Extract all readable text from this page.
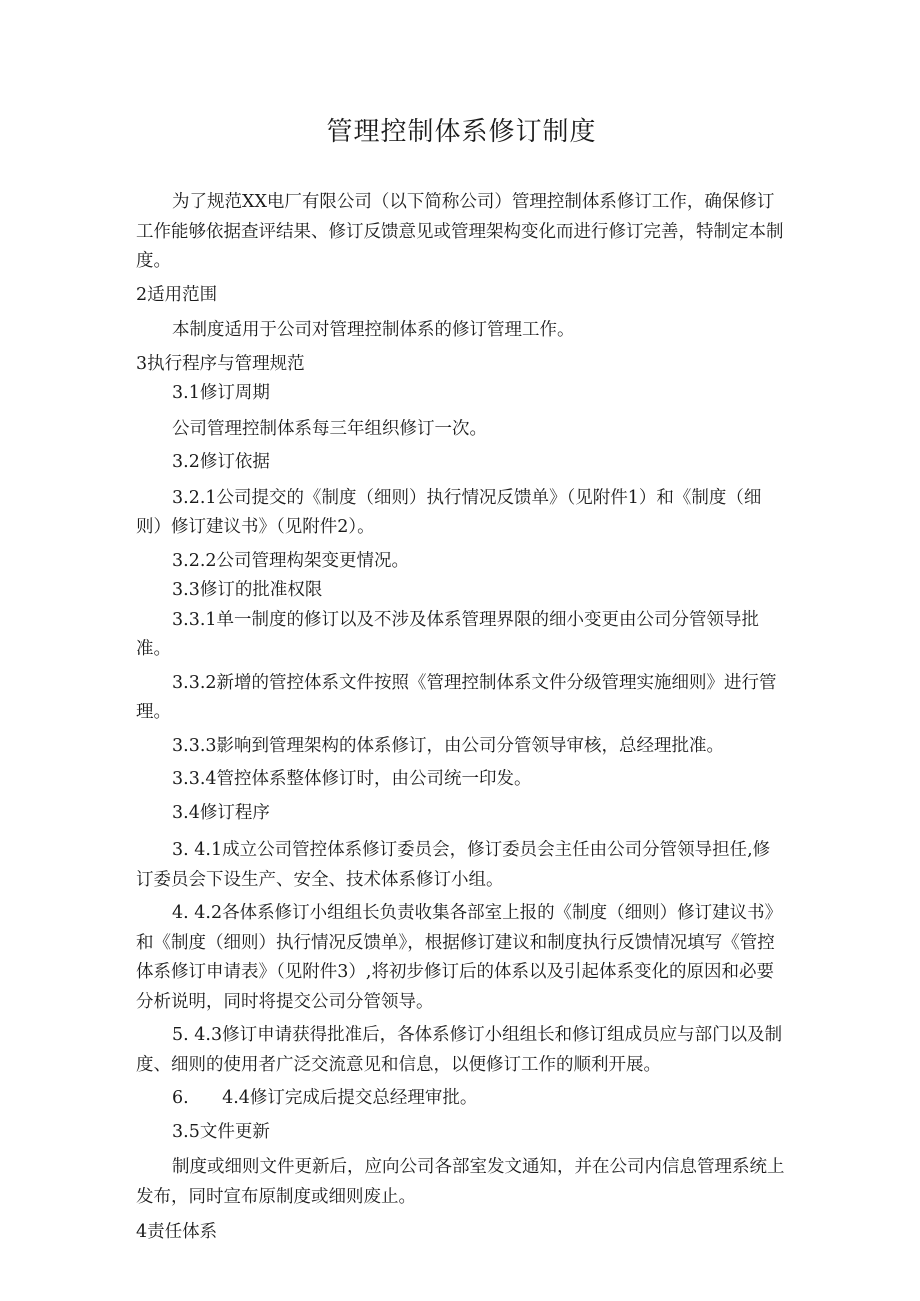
管理控制体系修订制度

为了规范XX电厂有限公司（以下简称公司）管理控制体系修订工作，确保修订工作能够依据查评结果、修订反馈意见或管理架构变化而进行修订完善，特制定本制度。

2适用范围

本制度适用于公司对管理控制体系的修订管理工作。

3执行程序与管理规范

3.1修订周期

公司管理控制体系每三年组织修订一次。

3.2修订依据

3.2.1公司提交的《制度（细则）执行情况反馈单》（见附件1）和《制度（细则）修订建议书》（见附件2）。

3.2.2公司管理构架变更情况。

3.3修订的批准权限

3.3.1单一制度的修订以及不涉及体系管理界限的细小变更由公司分管领导批准。

3.3.2新增的管控体系文件按照《管理控制体系文件分级管理实施细则》进行管理。

3.3.3影响到管理架构的体系修订，由公司分管领导审核，总经理批准。

3.3.4管控体系整体修订时，由公司统一印发。

3.4修订程序

3. 4.1成立公司管控体系修订委员会，修订委员会主任由公司分管领导担任,修订委员会下设生产、安全、技术体系修订小组。

4. 4.2各体系修订小组组长负责收集各部室上报的《制度（细则）修订建议书》和《制度（细则）执行情况反馈单》，根据修订建议和制度执行反馈情况填写《管控体系修订申请表》（见附件3）,将初步修订后的体系以及引起体系变化的原因和必要分析说明，同时将提交公司分管领导。

5. 4.3修订申请获得批准后，各体系修订小组组长和修订组成员应与部门以及制度、细则的使用者广泛交流意见和信息，以便修订工作的顺利开展。

6.      4.4修订完成后提交总经理审批。

3.5文件更新

制度或细则文件更新后，应向公司各部室发文通知，并在公司内信息管理系统上发布，同时宣布原制度或细则废止。

4责任体系
